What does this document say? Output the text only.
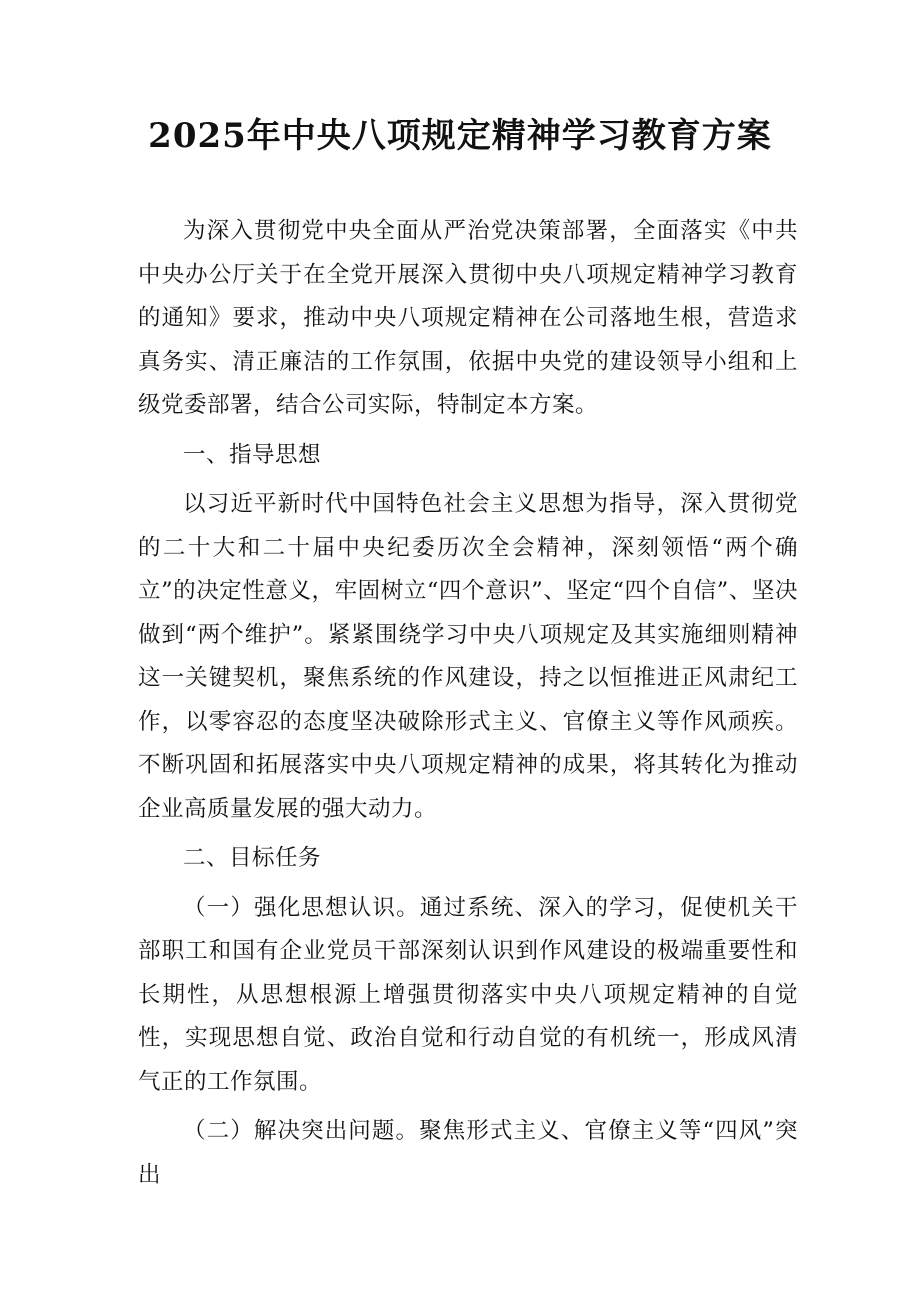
2025年中央八项规定精神学习教育方案

为深入贯彻党中央全面从严治党决策部署，全面落实《中共中央办公厅关于在全党开展深入贯彻中央八项规定精神学习教育的通知》要求，推动中央八项规定精神在公司落地生根，营造求真务实、清正廉洁的工作氛围，依据中央党的建设领导小组和上级党委部署，结合公司实际，特制定本方案。

一、指导思想

以习近平新时代中国特色社会主义思想为指导，深入贯彻党的二十大和二十届中央纪委历次全会精神，深刻领悟“两个确立”的决定性意义，牢固树立“四个意识”、坚定“四个自信”、坚决做到“两个维护”。紧紧围绕学习中央八项规定及其实施细则精神这一关键契机，聚焦系统的作风建设，持之以恒推进正风肃纪工作，以零容忍的态度坚决破除形式主义、官僚主义等作风顽疾。不断巩固和拓展落实中央八项规定精神的成果，将其转化为推动企业高质量发展的强大动力。

二、目标任务

（一）强化思想认识。通过系统、深入的学习，促使机关干部职工和国有企业党员干部深刻认识到作风建设的极端重要性和长期性，从思想根源上增强贯彻落实中央八项规定精神的自觉性，实现思想自觉、政治自觉和行动自觉的有机统一，形成风清气正的工作氛围。

（二）解决突出问题。聚焦形式主义、官僚主义等“四风”突出
